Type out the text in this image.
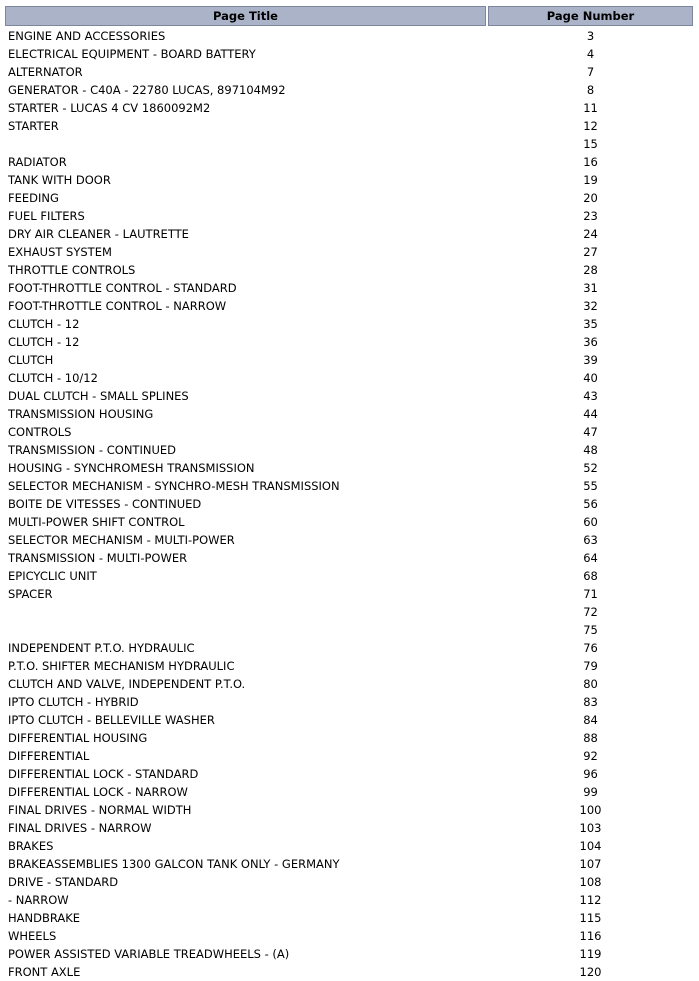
Page Title	Page Number
ENGINE AND ACCESSORIES	3
ELECTRICAL EQUIPMENT - BOARD BATTERY	4
ALTERNATOR	7
GENERATOR - C40A - 22780 LUCAS, 897104M92	8
STARTER - LUCAS 4 CV 1860092M2	11
STARTER	12
	15
RADIATOR	16
TANK WITH DOOR	19
FEEDING	20
FUEL FILTERS	23
DRY AIR CLEANER - LAUTRETTE	24
EXHAUST SYSTEM	27
THROTTLE CONTROLS	28
FOOT-THROTTLE CONTROL - STANDARD	31
FOOT-THROTTLE CONTROL - NARROW	32
CLUTCH - 12	35
CLUTCH - 12	36
CLUTCH	39
CLUTCH - 10/12	40
DUAL CLUTCH - SMALL SPLINES	43
TRANSMISSION HOUSING	44
CONTROLS	47
TRANSMISSION - CONTINUED	48
HOUSING - SYNCHROMESH TRANSMISSION	52
SELECTOR MECHANISM - SYNCHRO-MESH TRANSMISSION	55
BOITE DE VITESSES - CONTINUED	56
MULTI-POWER SHIFT CONTROL	60
SELECTOR MECHANISM - MULTI-POWER	63
TRANSMISSION - MULTI-POWER	64
EPICYCLIC UNIT	68
SPACER	71
	72
	75
INDEPENDENT P.T.O. HYDRAULIC	76
P.T.O. SHIFTER MECHANISM HYDRAULIC	79
CLUTCH AND VALVE, INDEPENDENT P.T.O.	80
IPTO CLUTCH - HYBRID	83
IPTO CLUTCH - BELLEVILLE WASHER	84
DIFFERENTIAL HOUSING	88
DIFFERENTIAL	92
DIFFERENTIAL LOCK - STANDARD	96
DIFFERENTIAL LOCK - NARROW	99
FINAL DRIVES - NORMAL WIDTH	100
FINAL DRIVES - NARROW	103
BRAKES	104
BRAKEASSEMBLIES 1300 GALCON TANK ONLY - GERMANY	107
DRIVE - STANDARD	108
- NARROW	112
HANDBRAKE	115
WHEELS	116
POWER ASSISTED VARIABLE TREADWHEELS - (A)	119
FRONT AXLE	120
